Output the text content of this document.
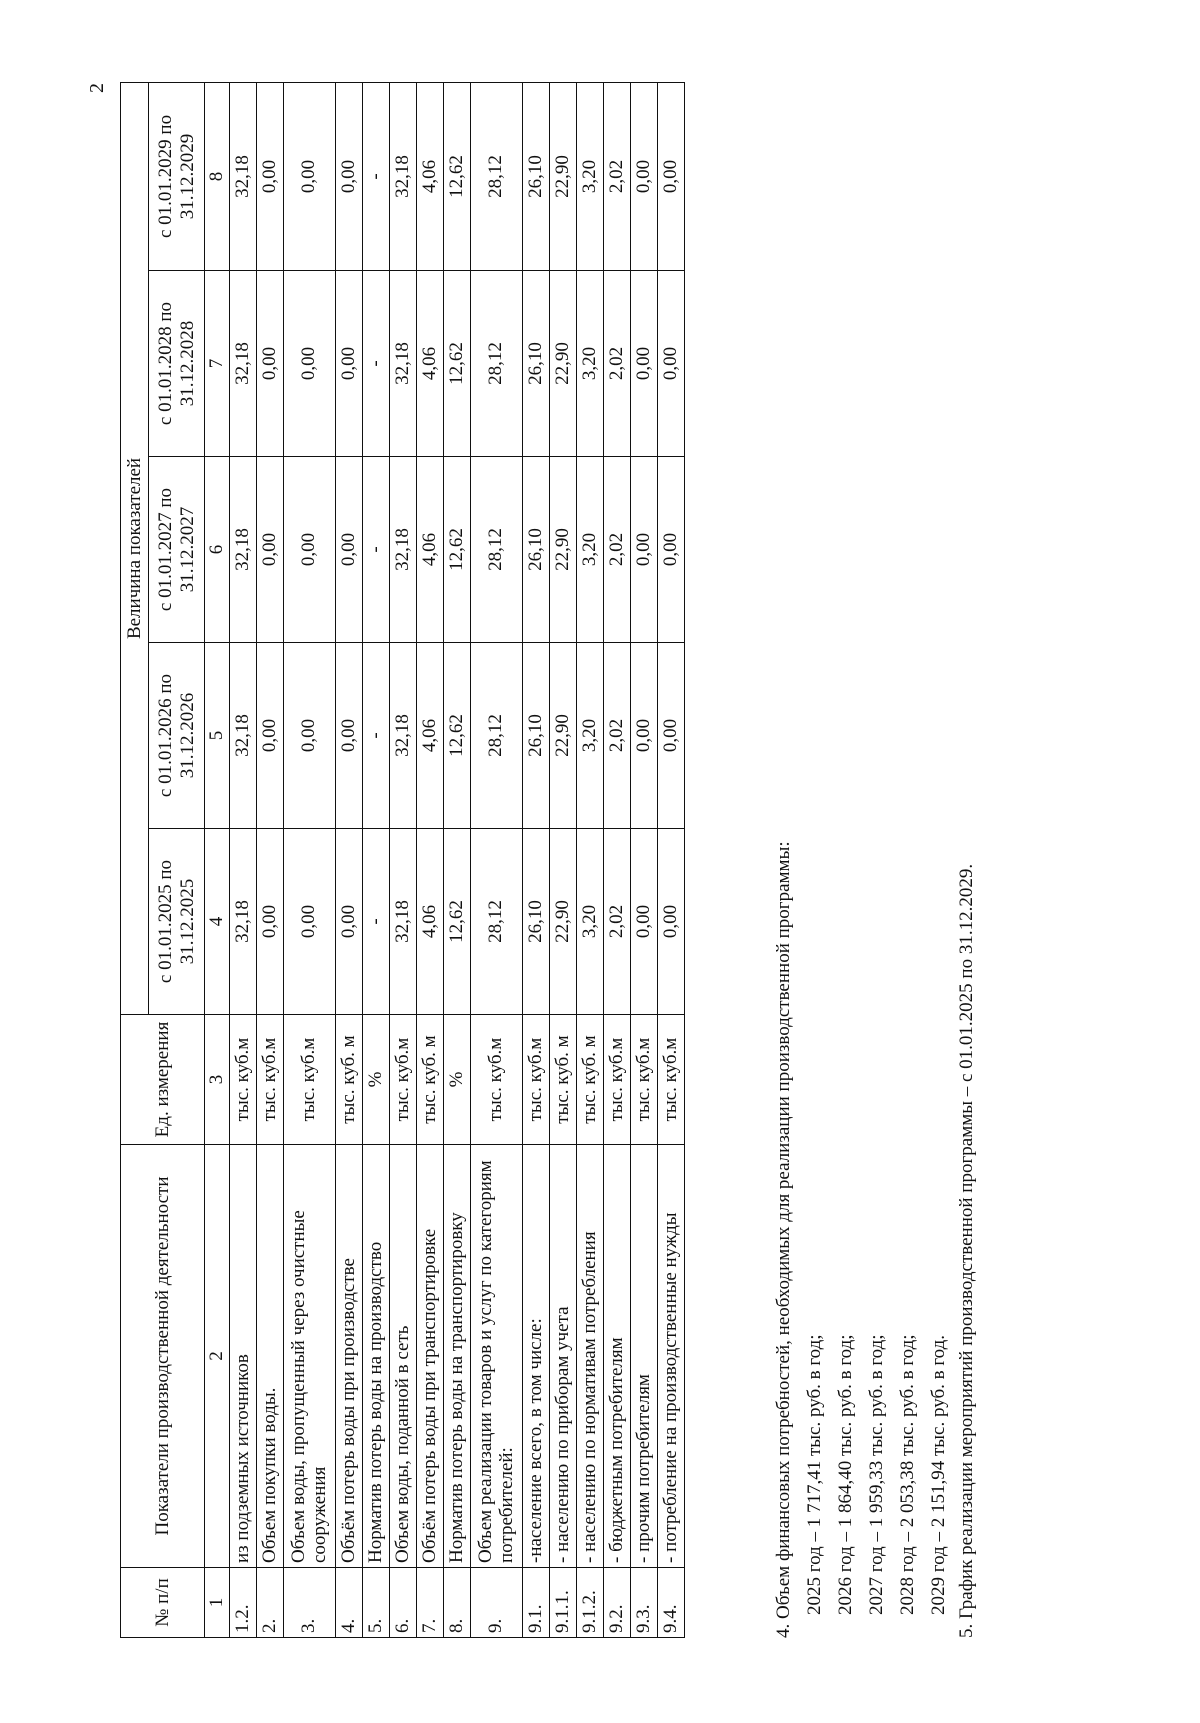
2
№ п/п	Показатели производственной деятельности	Ед. измерения	Величина показателей				
			с 01.01.2025 по 31.12.2025	с 01.01.2026 по 31.12.2026	с 01.01.2027 по 31.12.2027	с 01.01.2028 по 31.12.2028	с 01.01.2029 по 31.12.2029
1	2	3	4	5	6	7	8
1.2.	из подземных источников	тыс. куб.м	32,18	32,18	32,18	32,18	32,18
2.	Объем покупки воды.	тыс. куб.м	0,00	0,00	0,00	0,00	0,00
3.	Объем воды, пропущенный через очистные сооружения	тыс. куб.м	0,00	0,00	0,00	0,00	0,00
4.	Объём потерь воды при производстве	тыс. куб. м	0,00	0,00	0,00	0,00	0,00
5.	Норматив потерь воды на производство	%	-	-	-	-	-
6.	Объем воды, поданной в сеть	тыс. куб.м	32,18	32,18	32,18	32,18	32,18
7.	Объём потерь воды при транспортировке	тыс. куб. м	4,06	4,06	4,06	4,06	4,06
8.	Норматив потерь воды на транспортировку	%	12,62	12,62	12,62	12,62	12,62
9.	Объем реализации товаров и услуг по категориям потребителей:	тыс. куб.м	28,12	28,12	28,12	28,12	28,12
9.1.	-население всего, в том числе:	тыс. куб.м	26,10	26,10	26,10	26,10	26,10
9.1.1.	- населению по приборам учета	тыс. куб. м	22,90	22,90	22,90	22,90	22,90
9.1.2.	- населению по нормативам потребления	тыс. куб. м	3,20	3,20	3,20	3,20	3,20
9.2.	- бюджетным потребителям	тыс. куб.м	2,02	2,02	2,02	2,02	2,02
9.3.	- прочим потребителям	тыс. куб.м	0,00	0,00	0,00	0,00	0,00
9.4.	- потребление на производственные нужды	тыс. куб.м	0,00	0,00	0,00	0,00	0,00
4. Объем финансовых потребностей, необходимых для реализации производственной программы: 2025 год – 1 717,41 тыс. руб. в год; 2026 год – 1 864,40 тыс. руб. в год; 2027 год – 1 959,33 тыс. руб. в год; 2028 год – 2 053,38 тыс. руб. в год; 2029 год – 2 151,94 тыс. руб. в год. 5. График реализации мероприятий производственной программы – с 01.01.2025 по 31.12.2029.
